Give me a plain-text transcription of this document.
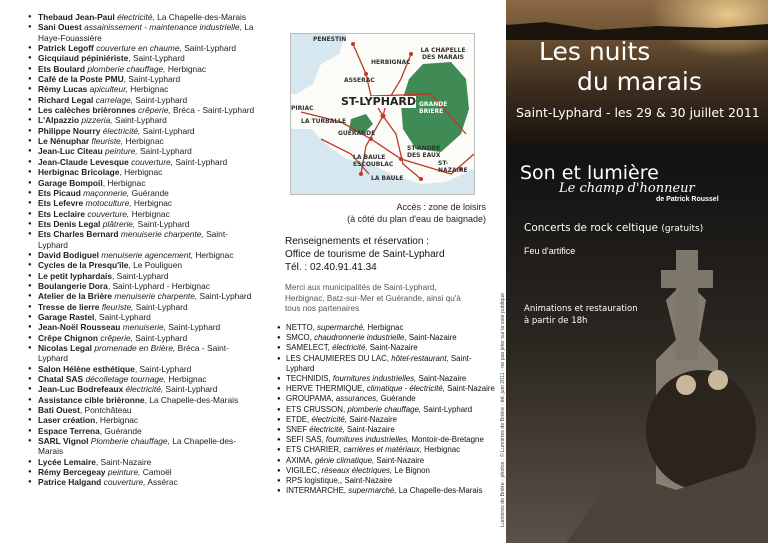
● Thebaud Jean-Paul électricité, La Chapelle-des-Marais
● Sani Ouest assainissement - maintenance industrielle, La Haye-Fouassière
● Patrick Legoff couverture en chaume, Saint-Lyphard
● Gicquiaud pépiniériste, Saint-Lyphard
● Ets Boulard plomberie chauffage, Herbignac
● Café de la Poste PMU, Saint-Lyphard
● Rémy Lucas apiculteur, Herbignac
● Richard Legal carrelage, Saint-Lyphard
● Les calèches brièronnes crêperie, Bréca - Saint-Lyphard
● L'Alpazzio pizzeria, Saint-Lyphard
● Philippe Nourry électricité, Saint-Lyphard
● Le Nénuphar fleuriste, Herbignac
● Jean-Luc Citeau peinture, Saint-Lyphard
● Jean-Claude Levesque couverture, Saint-Lyphard
● Herbignac Bricolage, Herbignac
● Garage Bompoil, Herbignac
● Ets Picaud maçonnerie, Guérande
● Ets Lefevre motoculture, Herbignac
● Ets Leclaire couverture, Herbignac
● Ets Denis Legal plâtrerie, Saint-Lyphard
● Ets Charles Bernard menuiserie charpente, Saint-Lyphard
● David Bodiguel menuiserie agencement, Herbignac
● Cycles de la Presqu'île, Le Pouliguen
● Le petit lyphardais, Saint-Lyphard
● Boulangerie Dora, Saint-Lyphard - Herbignac
● Atelier de la Brière menuiserie charpente, Saint-Lyphard
● Tresse de lierre fleuriste, Saint-Lyphard
● Garage Rastel, Saint-Lyphard
● Jean-Noël Rousseau menuiserie, Saint-Lyphard
● Crêpe Chignon crêperie, Saint-Lyphard
● Nicolas Legal promenade en Brière, Bréca - Saint-Lyphard
● Salon Hélène esthétique, Saint-Lyphard
● Chatal SAS décolletage tournage, Herbignac
● Jean-Luc Bodrefeaux électricité, Saint-Lyphard
● Assistance cible brièronne, La Chapelle-des-Marais
● Bati Ouest, Pontchâteau
● Laser création, Herbignac
● Espace Terrena, Guérande
● SARL Vignol Plomberie chauffage, La Chapelle-des-Marais
● Lycée Lemaire, Saint-Nazaire
● Rémy Bercegeay peinture, Camoël
● Patrice Halgand couverture, Assérac
PENESTIN
LA CHAPELLE DES MARAIS
HERBIGNAC
ASSERAC
ST-LYPHARD GRANDE BRIERE
PIRIAC
LA TURBALLE
GUERANDE
ST-ANDRE DES EAUX
LA BAULE ESCOUBLAC	ST-NAZAIRE
LA BAULE
Accès : zone de loisirs
(à côté du plan d'eau de baignade)
Renseignements et réservation :
Office de tourisme de Saint-Lyphard
Tél. : 02.40.91.41.34
Merci aux municipalités de Saint-Lyphard, Herbignac, Batz-sur-Mer et Guérande, ainsi qu'à tous nos partenaires
● NETTO, supermarché, Herbignac
● SMCO, chaudronnerie industrielle, Saint-Nazaire
● SAMELECT, électricité, Saint-Nazaire
● LES CHAUMIERES DU LAC, hôtel-restaurant, Saint-Lyphard
● TECHNIDIS, fournitures industrielles, Saint-Nazaire
● HERVE THERMIQUE, climatique - électricité, Saint-Nazaire
● GROUPAMA, assurances, Guérande
● ETS CRUSSON, plomberie chauffage, Saint-Lyphard
● ETDE, électricité, Saint-Nazaire
● SNEF électricité, Saint-Nazaire
● SEFI SAS, fournitures industrielles, Montoir-de-Bretagne
● ETS CHARIER, carrières et matériaux, Herbignac
● AXIMA, génie climatique, Saint-Nazaire
● VIGILEC, réseaux électriques, Le Bignon
● RPS logistique,, Saint-Nazaire
● INTERMARCHE, supermarché, La Chapelle-des-Marais	Lumières de Brière - photos : © Lumières de Brière - éd. juin 2011 - ne pas jeter sur la voie publique
Les nuits
du marais
Saint-Lyphard - les 29 & 30 juillet 2011
Son et lumière
Le champ d'honneur
de Patrick Roussel
Concerts de rock celtique (gratuits)
Feu d'artifice
Animations et restauration à partir de 18h
